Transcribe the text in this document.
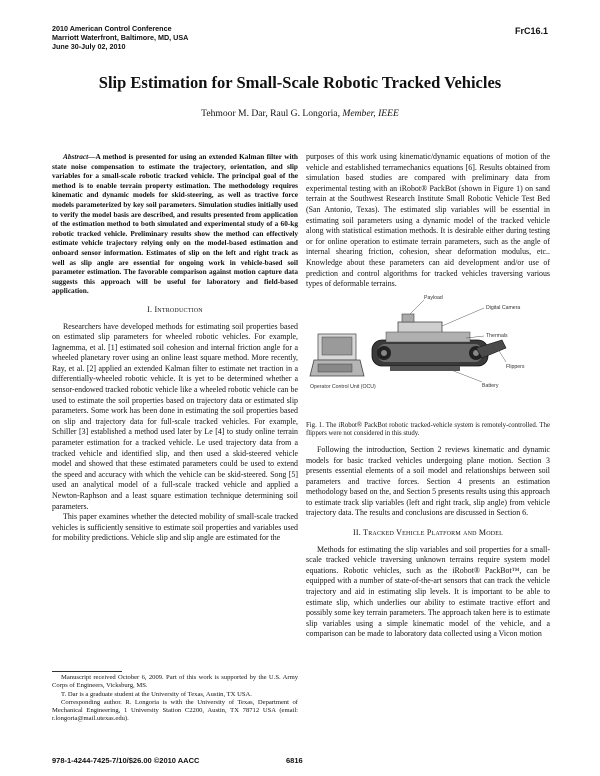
2010 American Control Conference
Marriott Waterfront, Baltimore, MD, USA
June 30-July 02, 2010
FrC16.1
Slip Estimation for Small-Scale Robotic Tracked Vehicles
Tehmoor M. Dar, Raul G. Longoria, Member, IEEE

Abstract—A method is presented for using an extended Kalman filter with state noise compensation to estimate the trajectory, orientation, and slip variables for a small-scale robotic tracked vehicle. The principal goal of the method is to enable terrain property estimation. The methodology requires kinematic and dynamic models for skid-steering, as well as tractive force models parameterized by key soil parameters. Simulation studies initially used to verify the model basis are described, and results presented from application of the estimation method to both simulated and experimental study of a 60-kg robotic tracked vehicle. Preliminary results show the method can effectively estimate vehicle trajectory relying only on the model-based estimation and onboard sensor information. Estimates of slip on the left and right track as well as slip angle are essential for ongoing work in vehicle-based soil parameter estimation. The favorable comparison against motion capture data suggests this approach will be useful for laboratory and field-based application.

I. Introduction

Researchers have developed methods for estimating soil properties based on estimated slip parameters for wheeled robotic vehicles. For example, Iagnemma, et al. [1] estimated soil cohesion and internal friction angle for a wheeled planetary rover using an online least square method. More recently, Ray, et al. [2] applied an extended Kalman filter to estimate net traction in a differentially-wheeled robotic vehicle. It is yet to be determined whether a sensor-endowed tracked robotic vehicle like a wheeled robotic vehicle can be used to estimate the soil properties based on trajectory data or estimated slip parameters. Some work has been done in estimating the soil properties based on slip and trajectory data for full-scale tracked vehicles. For example, Schiller [3] established a method used later by Le [4] to study online terrain parameter estimation for a tracked vehicle. Le used trajectory data from a tracked vehicle and identified slip, and then used a skid-steered vehicle model and showed that these estimated parameters could be used to extend the speed and accuracy with which the vehicle can be skid-steered. Song [5] used an analytical model of a full-scale tracked vehicle and applied a Newton-Raphson and a least square estimation technique determining soil parameters.

This paper examines whether the detected mobility of small-scale tracked vehicles is sufficiently sensitive to estimate soil properties and variables used for mobility predictions. Vehicle slip and slip angle are estimated for the

Manuscript received October 6, 2009. Part of this work is supported by the U.S. Army Corps of Engineers, Vicksburg, MS.

T. Dar is a graduate student at the University of Texas, Austin, TX USA.

Corresponding author. R. Longoria is with the University of Texas, Department of Mechanical Engineering, 1 University Station C2200, Austin, TX 78712 USA (email: r.longoria@mail.utexas.edu).

purposes of this work using kinematic/dynamic equations of motion of the vehicle and established terramechanics equations [6]. Results obtained from simulation based studies are compared with preliminary data from experimental testing with an iRobot® PackBot (shown in Figure 1) on sand terrain at the Southwest Research Institute Small Robotic Vehicle Test Bed (San Antonio, Texas). The estimated slip variables will be essential in estimating soil parameters using a dynamic model of the tracked vehicle along with statistical estimation methods. It is desirable either during testing or for online operation to estimate terrain parameters, such as the angle of internal shearing friction, cohesion, shear deformation modulus, etc.. Knowledge about these parameters can aid development and/or use of prediction and control algorithms for tracked vehicles traversing various types of deformable terrains.

Payload
Digital Camera
Thermals
Flippers
Battery
Operator Control Unit (OCU)

Fig. 1. The iRobot® PackBot robotic tracked-vehicle system is remotely-controlled. The flippers were not considered in this study.

Following the introduction, Section 2 reviews kinematic and dynamic models for basic tracked vehicles undergoing plane motion. Section 3 presents essential elements of a soil model and relationships between soil parameters and tractive forces. Section 4 presents an estimation methodology based on the, and Section 5 presents results using this approach to estimate track slip variables (left and right track, slip angle) from vehicle trajectory data. The results and conclusions are discussed in Section 6.

II. Tracked Vehicle Platform and Model

Methods for estimating the slip variables and soil properties for a small-scale tracked vehicle traversing unknown terrains require system model equations. Robotic vehicles, such as the iRobot® PackBot™, can be equipped with a number of state-of-the-art sensors that can track the vehicle trajectory and aid in estimating slip levels. It is important to be able to estimate slip, which underlies our ability to estimate tractive effort and possibly some key terrain parameters. The approach taken here is to estimate slip variables using a simple kinematic model of the vehicle, and a comparison can be made to laboratory data collected using a Vicon motion

978-1-4244-7425-7/10/$26.00 ©2010 AACC	6816
